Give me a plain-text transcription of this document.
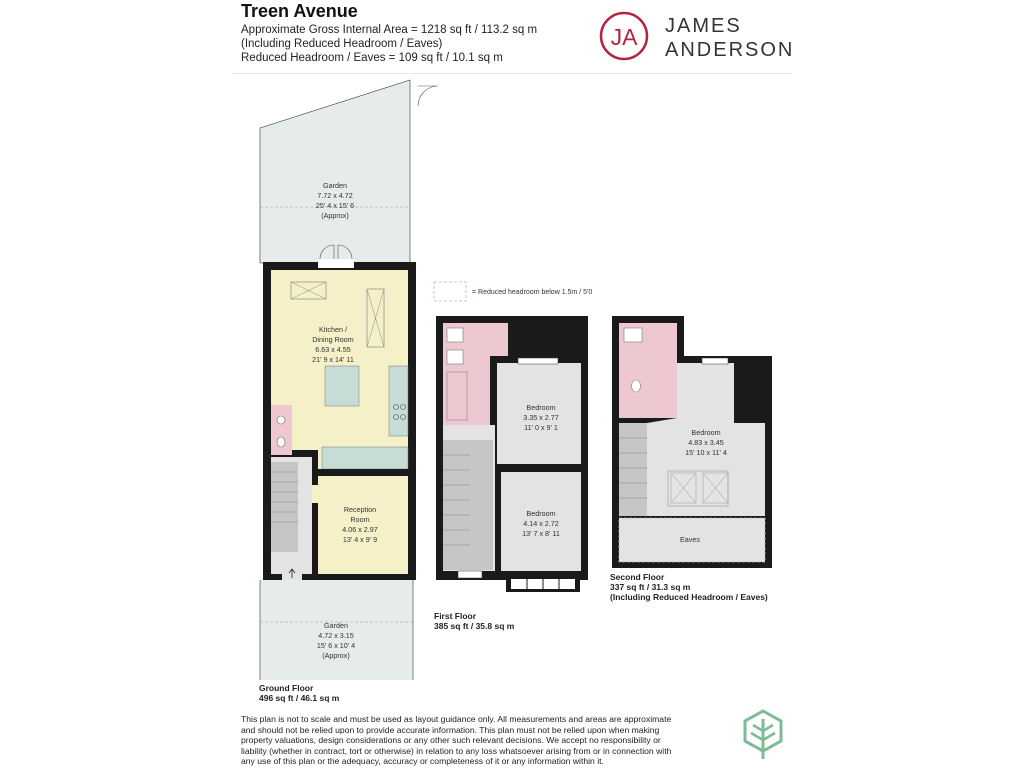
Treen Avenue
Approximate Gross Internal Area = 1218 sq ft / 113.2 sq m
(Including Reduced Headroom / Eaves)
Reduced Headroom / Eaves = 109 sq ft / 10.1 sq m
JA JAMES
ANDERSON
Garden
7.72 x 4.72
25' 4 x 15' 6
(Approx)
Kitchen /
Dining Room
6.63 x 4.55
21' 9 x 14' 11
Reception
Room
4.06 x 2.97
13' 4 x 9' 9
Garden
4.72 x 3.15
15' 6 x 10' 4
(Approx)
= Reduced headroom below 1.5m / 5'0
Bedroom
3.35 x 2.77
11' 0 x 9' 1
Bedroom
4.14 x 2.72
13' 7 x 8' 11
Bedroom
4.83 x 3.45
15' 10 x 11' 4
Eaves
Ground Floor
496 sq ft / 46.1 sq m
First Floor
385 sq ft / 35.8 sq m
Second Floor
337 sq ft / 31.3 sq m
(Including Reduced Headroom / Eaves)
This plan is not to scale and must be used as layout guidance only. All measurements and areas are approximate and should not be relied upon to provide accurate information. This plan must not be relied upon when making property valuations, design considerations or any other such relevant decisions. We accept no responsibility or liability (whether in contract, tort or otherwise) in relation to any loss whatsoever arising from or in connection with any use of this plan or the adequacy, accuracy or completeness of it or any information within it.
